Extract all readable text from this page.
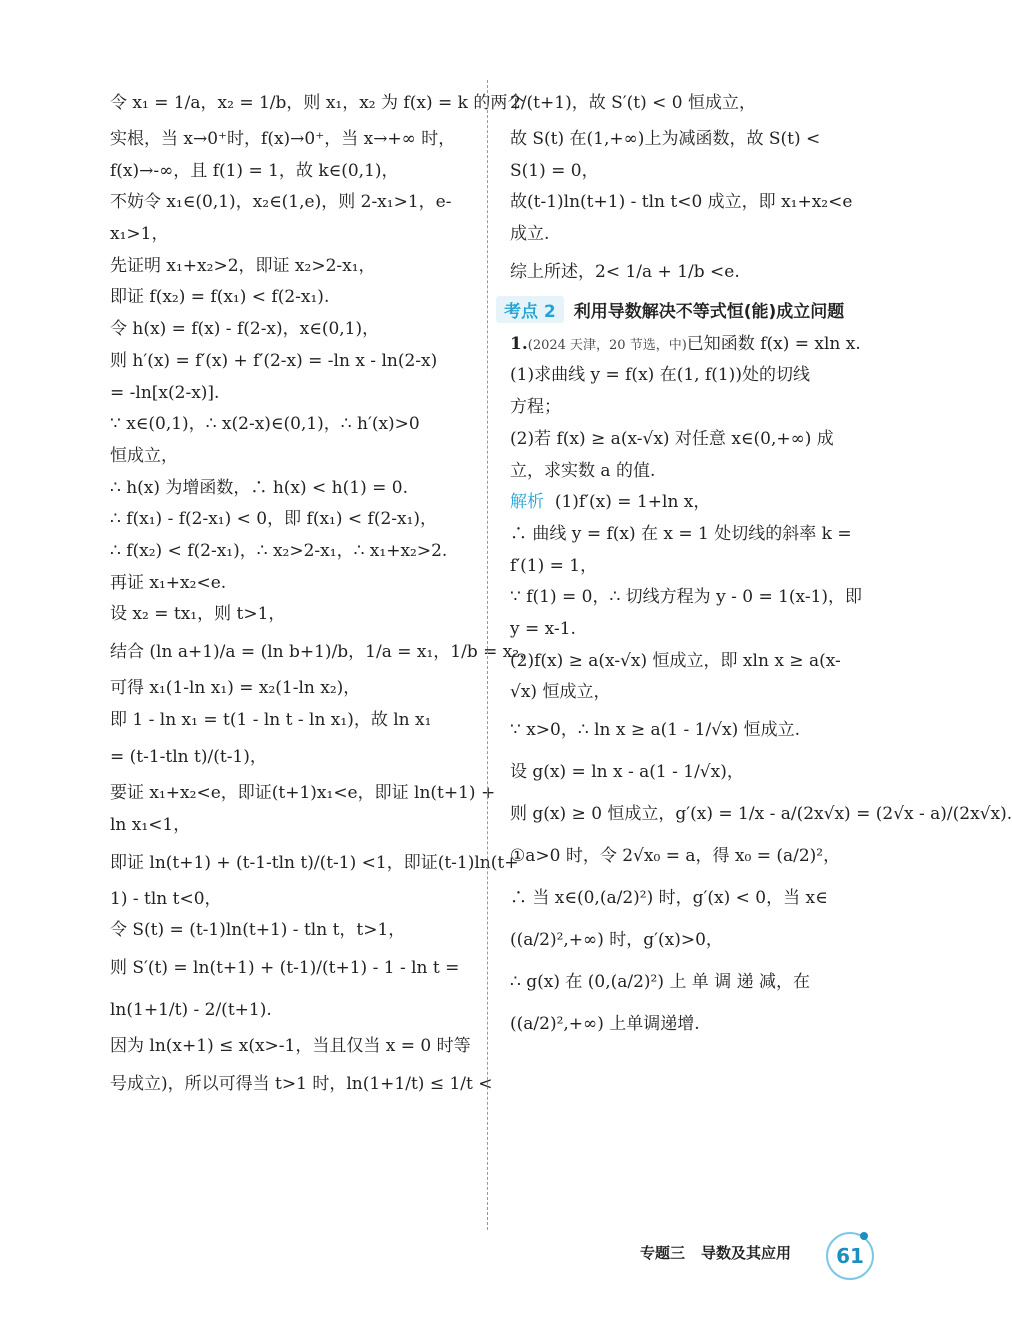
令 x₁ = 1/a，x₂ = 1/b，则 x₁，x₂ 为 f(x) = k 的两个
实根，当 x→0⁺时，f(x)→0⁺，当 x→+∞ 时，
f(x)→-∞，且 f(1) = 1，故 k∈(0,1)，
不妨令 x₁∈(0,1)，x₂∈(1,e)，则 2-x₁>1，e-
x₁>1，
先证明 x₁+x₂>2，即证 x₂>2-x₁，
即证 f(x₂) = f(x₁) < f(2-x₁).
令 h(x) = f(x) - f(2-x)，x∈(0,1)，
则 h′(x) = f′(x) + f′(2-x) = -ln x - ln(2-x)
= -ln[x(2-x)].
∵ x∈(0,1)，∴ x(2-x)∈(0,1)，∴ h′(x)>0
恒成立，
∴ h(x) 为增函数，∴ h(x) < h(1) = 0.
∴ f(x₁) - f(2-x₁) < 0，即 f(x₁) < f(2-x₁)，
∴ f(x₂) < f(2-x₁)，∴ x₂>2-x₁，∴ x₁+x₂>2.
再证 x₁+x₂<e.
设 x₂ = tx₁，则 t>1，
结合 (ln a+1)/a = (ln b+1)/b，1/a = x₁，1/b = x₂，
可得 x₁(1-ln x₁) = x₂(1-ln x₂)，
即 1 - ln x₁ = t(1 - ln t - ln x₁)，故 ln x₁
= (t-1-tln t)/(t-1)，
要证 x₁+x₂<e，即证(t+1)x₁<e，即证 ln(t+1) +
ln x₁<1，
即证 ln(t+1) + (t-1-tln t)/(t-1) <1，即证(t-1)ln(t+
1) - tln t<0，
令 S(t) = (t-1)ln(t+1) - tln t，t>1，
则 S′(t) = ln(t+1) + (t-1)/(t+1) - 1 - ln t =
ln(1+1/t) - 2/(t+1).
因为 ln(x+1) ≤ x(x>-1，当且仅当 x = 0 时等
号成立)，所以可得当 t>1 时，ln(1+1/t) ≤ 1/t <
2/(t+1)，故 S′(t) < 0 恒成立，
故 S(t) 在(1,+∞)上为减函数，故 S(t) <
S(1) = 0，
故(t-1)ln(t+1) - tln t<0 成立，即 x₁+x₂<e
成立.
综上所述，2< 1/a + 1/b <e.
考点 2	利用导数解决不等式恒(能)成立问题
1.(2024 天津，20 节选，中)已知函数 f(x) = xln x.
(1)求曲线 y = f(x) 在(1, f(1))处的切线
方程；
(2)若 f(x) ≥ a(x-√x) 对任意 x∈(0,+∞) 成
立，求实数 a 的值.
解析 (1)f′(x) = 1+ln x，
∴ 曲线 y = f(x) 在 x = 1 处切线的斜率 k =
f′(1) = 1，
∵ f(1) = 0，∴ 切线方程为 y - 0 = 1(x-1)，即
y = x-1.
(2)f(x) ≥ a(x-√x) 恒成立，即 xln x ≥ a(x-
√x) 恒成立，
∵ x>0，∴ ln x ≥ a(1 - 1/√x) 恒成立.
设 g(x) = ln x - a(1 - 1/√x)，
则 g(x) ≥ 0 恒成立，g′(x) = 1/x - a/(2x√x) = (2√x - a)/(2x√x).
①a>0 时，令 2√x₀ = a，得 x₀ = (a/2)²，
∴ 当 x∈(0,(a/2)²) 时，g′(x) < 0，当 x∈
((a/2)²,+∞) 时，g′(x)>0，
∴ g(x) 在 (0,(a/2)²) 上 单 调 递 减，在
((a/2)²,+∞) 上单调递增.
专题三 导数及其应用	61
